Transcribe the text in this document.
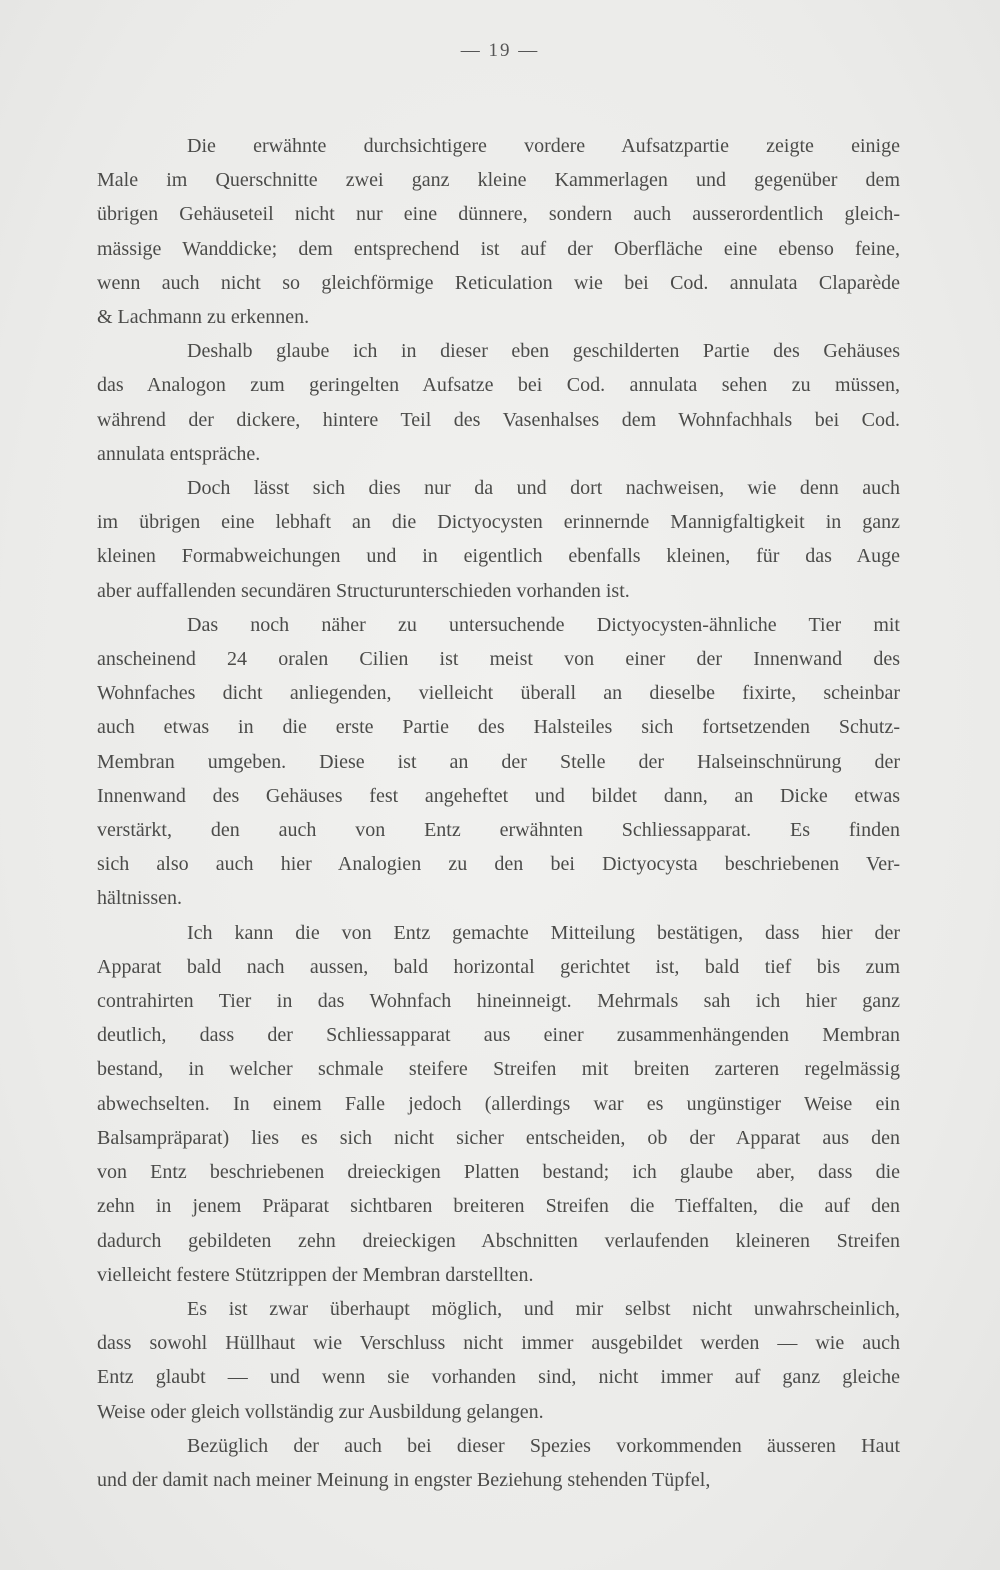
— 19 —
Die erwähnte durchsichtigere vordere Aufsatzpartie zeigte einige
Male im Querschnitte zwei ganz kleine Kammerlagen und gegenüber dem
übrigen Gehäuseteil nicht nur eine dünnere, sondern auch ausserordentlich gleich-
mässige Wanddicke; dem entsprechend ist auf der Oberfläche eine ebenso feine,
wenn auch nicht so gleichförmige Reticulation wie bei Cod. annulata Claparède
& Lachmann zu erkennen.
Deshalb glaube ich in dieser eben geschilderten Partie des Gehäuses
das Analogon zum geringelten Aufsatze bei Cod. annulata sehen zu müssen,
während der dickere, hintere Teil des Vasenhalses dem Wohnfachhals bei Cod.
annulata entspräche.
Doch lässt sich dies nur da und dort nachweisen, wie denn auch
im übrigen eine lebhaft an die Dictyocysten erinnernde Mannigfaltigkeit in ganz
kleinen Formabweichungen und in eigentlich ebenfalls kleinen, für das Auge
aber auffallenden secundären Structurunterschieden vorhanden ist.
Das noch näher zu untersuchende Dictyocysten-ähnliche Tier mit
anscheinend 24 oralen Cilien ist meist von einer der Innenwand des
Wohnfaches dicht anliegenden, vielleicht überall an dieselbe fixirte, scheinbar
auch etwas in die erste Partie des Halsteiles sich fortsetzenden Schutz-
Membran umgeben. Diese ist an der Stelle der Halseinschnürung der
Innenwand des Gehäuses fest angeheftet und bildet dann, an Dicke etwas
verstärkt, den auch von Entz erwähnten Schliessapparat. Es finden
sich also auch hier Analogien zu den bei Dictyocysta beschriebenen Ver-
hältnissen.
Ich kann die von Entz gemachte Mitteilung bestätigen, dass hier der
Apparat bald nach aussen, bald horizontal gerichtet ist, bald tief bis zum
contrahirten Tier in das Wohnfach hineinneigt. Mehrmals sah ich hier ganz
deutlich, dass der Schliessapparat aus einer zusammenhängenden Membran
bestand, in welcher schmale steifere Streifen mit breiten zarteren regelmässig
abwechselten. In einem Falle jedoch (allerdings war es ungünstiger Weise ein
Balsampräparat) lies es sich nicht sicher entscheiden, ob der Apparat aus den
von Entz beschriebenen dreieckigen Platten bestand; ich glaube aber, dass die
zehn in jenem Präparat sichtbaren breiteren Streifen die Tieffalten, die auf den
dadurch gebildeten zehn dreieckigen Abschnitten verlaufenden kleineren Streifen
vielleicht festere Stützrippen der Membran darstellten.
Es ist zwar überhaupt möglich, und mir selbst nicht unwahrscheinlich,
dass sowohl Hüllhaut wie Verschluss nicht immer ausgebildet werden — wie auch
Entz glaubt — und wenn sie vorhanden sind, nicht immer auf ganz gleiche
Weise oder gleich vollständig zur Ausbildung gelangen.
Bezüglich der auch bei dieser Spezies vorkommenden äusseren Haut
und der damit nach meiner Meinung in engster Beziehung stehenden Tüpfel,
